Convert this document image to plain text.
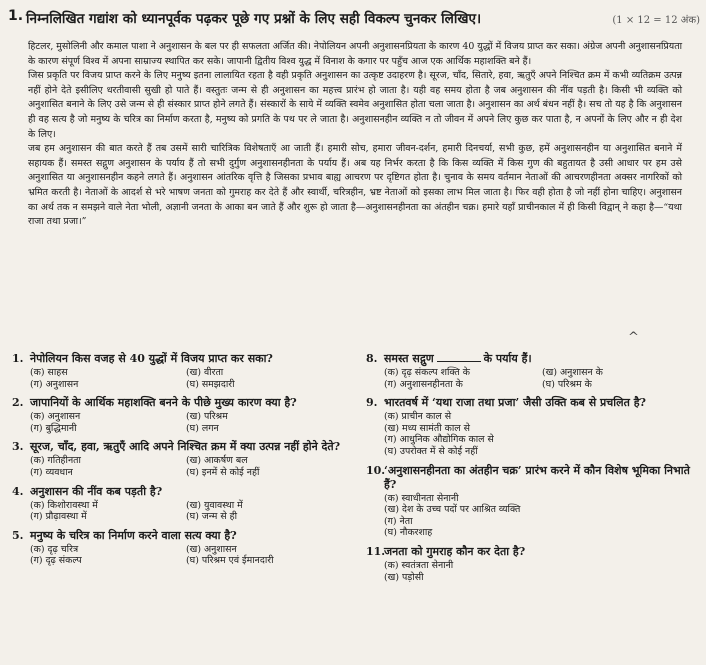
1. निम्नलिखित गद्यांश को ध्यानपूर्वक पढ़कर पूछे गए प्रश्नों के लिए सही विकल्प चुनकर लिखिए।	(1 × 12 = 12 अंक)

हिटलर, मुसोलिनी और कमाल पाशा ने अनुशासन के बल पर ही सफलता अर्जित की। नेपोलियन अपनी अनुशासनप्रियता के कारण 40 युद्धों में विजय प्राप्त कर सका। अंग्रेज अपनी अनुशासनप्रियता के कारण संपूर्ण विश्व में अपना साम्राज्य स्थापित कर सके। जापानी द्वितीय विश्व युद्ध में विनाश के कगार पर पहुँच आज एक आर्थिक महाशक्ति बने हैं।

जिस प्रकृति पर विजय प्राप्त करने के लिए मनुष्य इतना लालायित रहता है वही प्रकृति अनुशासन का उत्कृष्ट उदाहरण है। सूरज, चाँद, सितारे, हवा, ऋतुएँ अपने निश्चित क्रम में कभी व्यतिक्रम उत्पन्न नहीं होने देते इसीलिए धरतीवासी सुखी हो पाते हैं। वस्तुतः जन्म से ही अनुशासन का महत्त्व प्रारंभ हो जाता है। यही वह समय होता है जब अनुशासन की नींव पड़ती है। किसी भी व्यक्ति को अनुशासित बनाने के लिए उसे जन्म से ही संस्कार प्राप्त होने लगते हैं। संस्कारों के साये में व्यक्ति स्वमेव अनुशासित होता चला जाता है। अनुशासन का अर्थ बंधन नहीं है। सच तो यह है कि अनुशासन ही वह सत्य है जो मनुष्य के चरित्र का निर्माण करता है, मनुष्य को प्रगति के पथ पर ले जाता है। अनुशासनहीन व्यक्ति न तो जीवन में अपने लिए कुछ कर पाता है, न अपनों के लिए और न ही देश के लिए।

जब हम अनुशासन की बात करते हैं तब उसमें सारी चारित्रिक विशेषताएँ आ जाती हैं। हमारी सोच, हमारा जीवन-दर्शन, हमारी दिनचर्या, सभी कुछ, हमें अनुशासनहीन या अनुशासित बनाने में सहायक हैं। समस्त सद्गुण अनुशासन के पर्याय हैं तो सभी दुर्गुण अनुशासनहीनता के पर्याय हैं। अब यह निर्भर करता है कि किस व्यक्ति में किस गुण की बहुतायत है उसी आधार पर हम उसे अनुशासित या अनुशासनहीन कहने लगते हैं। अनुशासन आंतरिक वृत्ति है जिसका प्रभाव बाह्य आचरण पर दृष्टिगत होता है। चुनाव के समय वर्तमान नेताओं की आचरणहीनता अक्सर नागरिकों को भ्रमित करती है। नेताओं के आदर्श से भरे भाषण जनता को गुमराह कर देते हैं और स्वार्थी, चरित्रहीन, भ्रष्ट नेताओं को इसका लाभ मिल जाता है। फिर वही होता है जो नहीं होना चाहिए। अनुशासन का अर्थ तक न समझने वाले नेता भोली, अज्ञानी जनता के आका बन जाते हैं और शुरू हो जाता है—अनुशासनहीनता का अंतहीन चक्र। हमारे यहाँ प्राचीनकाल में ही किसी विद्वान् ने कहा है—“यथा राजा तथा प्रजा।”

^
1. नेपोलियन किस वजह से 40 युद्धों में विजय प्राप्त कर सका?
(क) साहस	(ख) वीरता
(ग) अनुशासन	(घ) समझदारी
2. जापानियों के आर्थिक महाशक्ति बनने के पीछे मुख्य कारण क्या है?
(क) अनुशासन	(ख) परिश्रम
(ग) बुद्धिमानी	(घ) लगन
3. सूरज, चाँद, हवा, ऋतुएँ आदि अपने निश्चित क्रम में क्या उत्पन्न नहीं होने देते?
(क) गतिहीनता	(ख) आकर्षण बल
(ग) व्यवधान	(घ) इनमें से कोई नहीं
4. अनुशासन की नींव कब पड़ती है?
(क) किशोरावस्था में	(ख) युवावस्था में
(ग) प्रौढ़ावस्था में	(घ) जन्म से ही
5. मनुष्य के चरित्र का निर्माण करने वाला सत्य क्या है?
(क) दृढ़ चरित्र	(ख) अनुशासन
(ग) दृढ़ संकल्प	(घ) परिश्रम एवं ईमानदारी
8. समस्त सद्गुण	के पर्याय हैं।
(क) दृढ़ संकल्प शक्ति के	(ख) अनुशासन के
(ग) अनुशासनहीनता के	(घ) परिश्रम के
9. भारतवर्ष में ‘यथा राजा तथा प्रजा’ जैसी उक्ति कब से प्रचलित है?
(क) प्राचीन काल से
(ख) मध्य सामंती काल से
(ग) आधुनिक औद्योगिक काल से
(घ) उपरोक्त में से कोई नहीं
10.
‘अनुशासनहीनता का अंतहीन चक्र’ प्रारंभ करने में कौन विशेष भूमिका निभाते हैं?
(क) स्वाधीनता सेनानी
(ख) देश के उच्च पदों पर आश्रित व्यक्ति
(ग) नेता
(घ) नौकरशाह
11.
जनता को गुमराह कौन कर देता है?
(क) स्वतंत्रता सेनानी
(ख) पड़ोसी
